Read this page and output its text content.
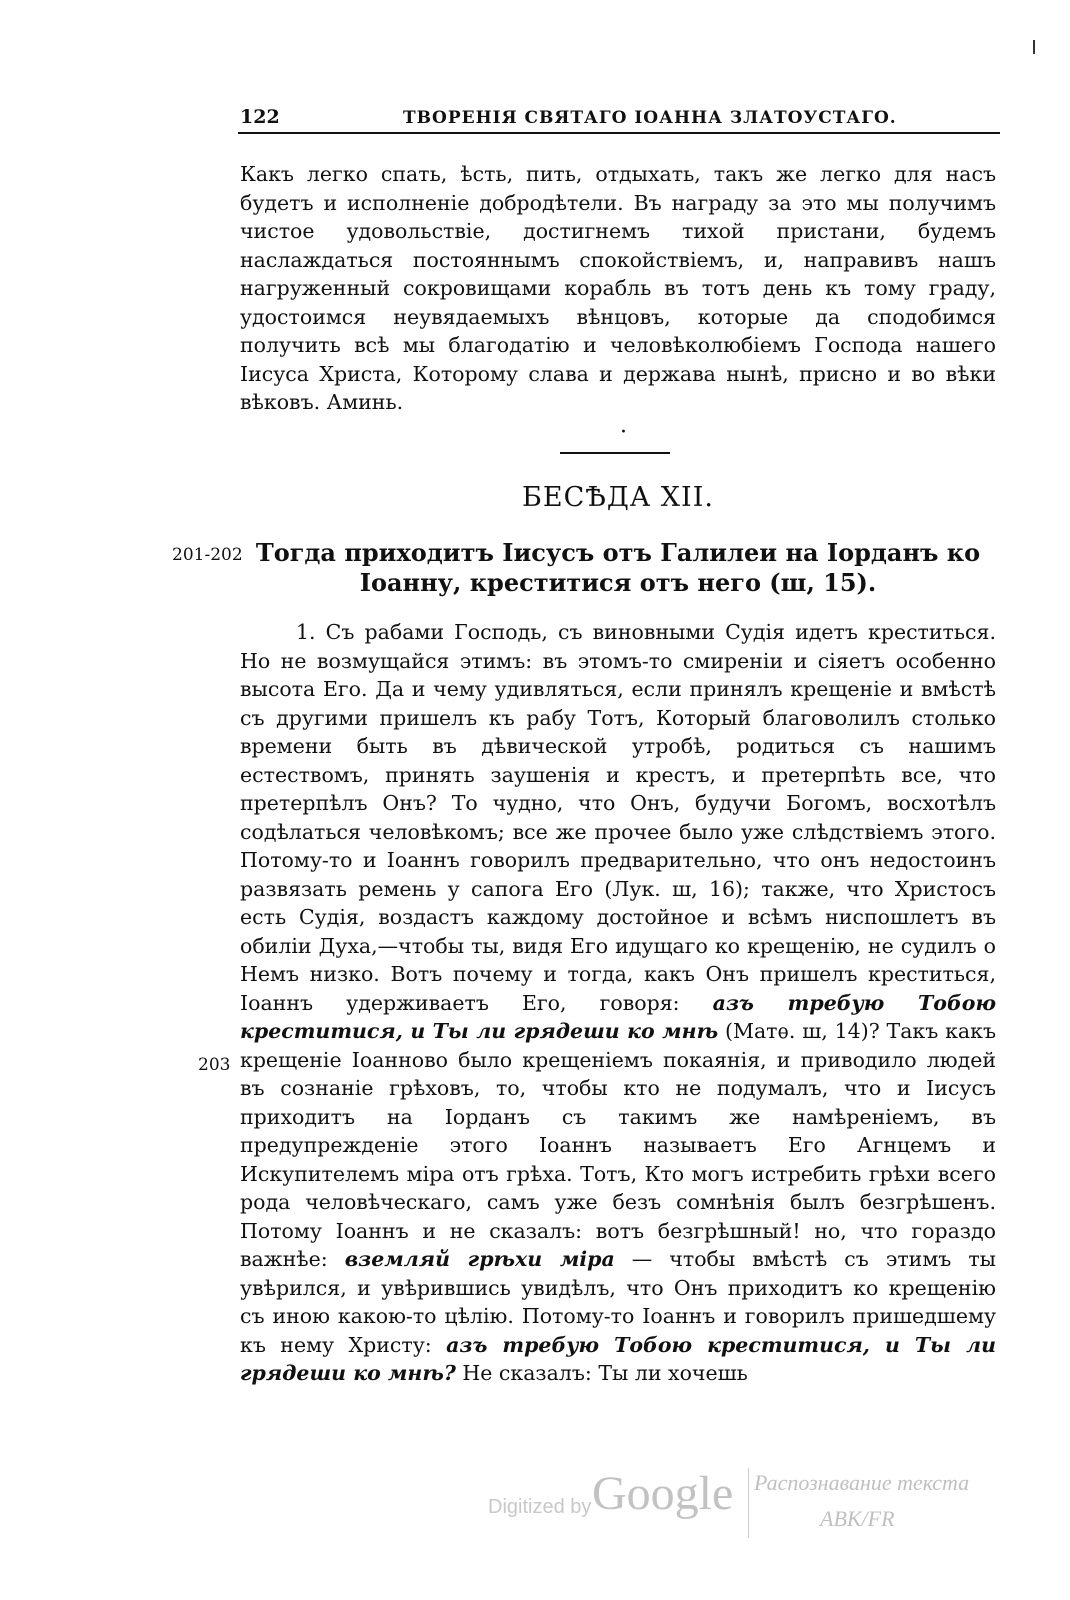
122	ТВОРЕНІЯ СВЯТАГО ІОАННА ЗЛАТОУСТАГО.
Какъ легко спать, ѣсть, пить, отдыхать, такъ же легко для насъ будетъ и исполненіе добродѣтели. Въ награду за это мы получимъ чистое удовольствіе, достигнемъ тихой пристани, будемъ наслаждаться постояннымъ спокойствіемъ, и, направивъ нашъ нагруженный сокровищами корабль въ тотъ день къ тому граду, удостоимся неувядаемыхъ вѣнцовъ, которые да сподобимся получить всѣ мы благодатію и человѣколюбіемъ Господа нашего Іисуса Христа, Которому слава и держава нынѣ, присно и во вѣки вѣковъ. Аминь.
·
БЕСѢДА XII.
201-202 Тогда приходитъ Іисусъ отъ Галилеи на Іорданъ ко
Іоанну, креститися отъ него (ш, 15).
1. Съ рабами Господь, съ виновными Судія идетъ креститься. Но не возмущайся этимъ: въ этомъ-то смиреніи и сіяетъ особенно высота Его. Да и чему удивляться, если принялъ крещеніе и вмѣстѣ съ другими пришелъ къ рабу Тотъ, Который благоволилъ столько времени быть въ дѣвической утробѣ, родиться съ нашимъ естествомъ, принять заушенія и крестъ, и претерпѣть все, что претерпѣлъ Онъ? То чудно, что Онъ, будучи Богомъ, восхотѣлъ содѣлаться человѣкомъ; все же прочее было уже слѣдствіемъ этого. Потому-то и Іоаннъ говорилъ предварительно, что онъ недостоинъ развязать ремень у сапога Его (Лук. ш, 16); также, что Христосъ есть Судія, воздастъ каждому достойное и всѣмъ ниспошлетъ въ обиліи Духа,—чтобы ты, видя Его идущаго ко крещенію, не судилъ о Немъ низко. Вотъ почему и тогда, какъ Онъ пришелъ креститься, Іоаннъ удерживаетъ Его, говоря: азъ требую Тобою креститися, и Ты ли грядеши ко мнѣ (Матѳ. ш, 14)? Такъ какъ крещеніе Іоанново было крещеніемъ покаянія, и приводило людей въ сознаніе грѣховъ, то, чтобы кто не подумалъ, что и Іисусъ приходитъ на Іорданъ съ такимъ же намѣреніемъ, въ предупрежденіе этого Іоаннъ называетъ Его Агнцемъ и Искупителемъ міра отъ грѣха. Тотъ, Кто могъ истребить грѣхи всего рода человѣческаго, самъ уже безъ сомнѣнія былъ безгрѣшенъ. Потому Іоаннъ и не сказалъ: вотъ безгрѣшный! но, что гораздо важнѣе: вземляй грѣхи міра — чтобы вмѣстѣ съ этимъ ты увѣрился, и увѣрившись увидѣлъ, что Онъ приходитъ ко крещенію съ иною какою-то цѣлію. Потому-то Іоаннъ и говорилъ пришедшему къ нему Христу: азъ требую Тобою креститися, и Ты ли грядеши ко мнѣ? Не сказалъ: Ты ли хочешь
203
Digitized by Google Распознавание текста
ABK/FR
